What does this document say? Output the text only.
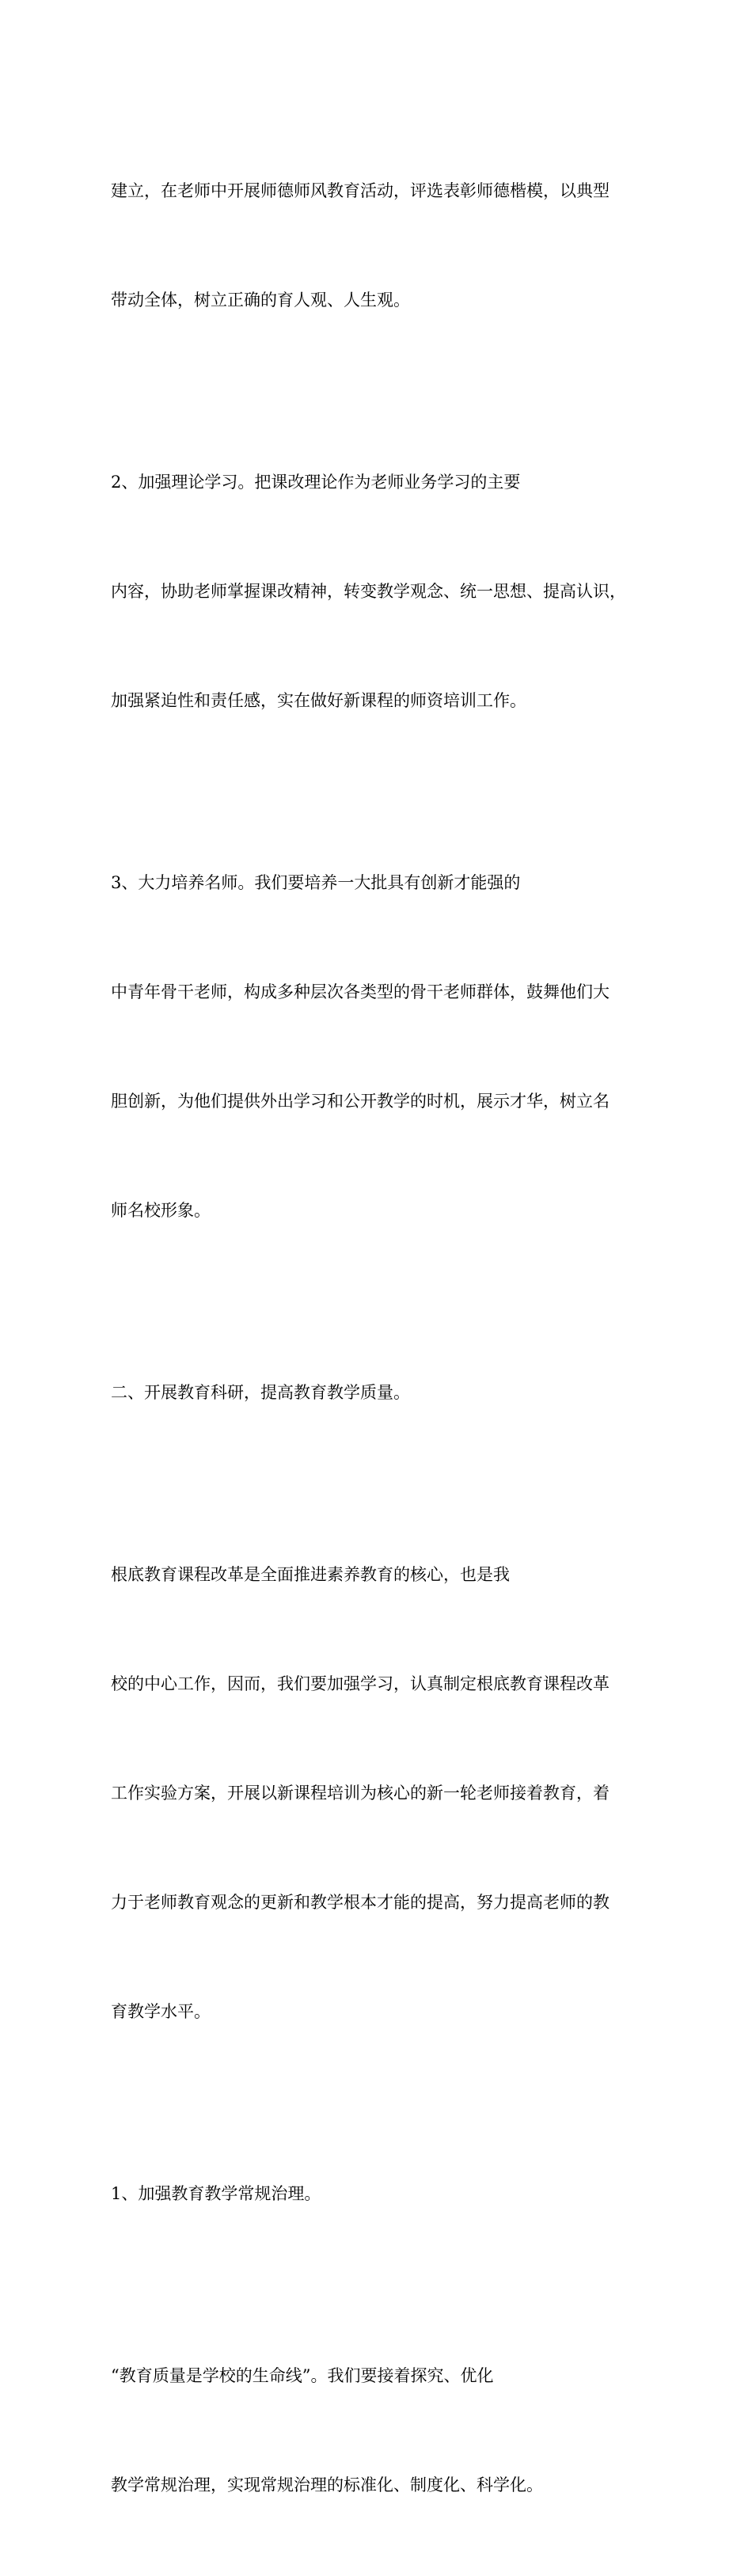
建立，在老师中开展师德师风教育活动，评选表彰师德楷模，以典型

带动全体，树立正确的育人观、人生观。

2、加强理论学习。把课改理论作为老师业务学习的主要

内容，协助老师掌握课改精神，转变教学观念、统一思想、提高认识，

加强紧迫性和责任感，实在做好新课程的师资培训工作。

3、大力培养名师。我们要培养一大批具有创新才能强的

中青年骨干老师，构成多种层次各类型的骨干老师群体，鼓舞他们大

胆创新，为他们提供外出学习和公开教学的时机，展示才华，树立名

师名校形象。

二、开展教育科研，提高教育教学质量。

根底教育课程改革是全面推进素养教育的核心，也是我

校的中心工作，因而，我们要加强学习，认真制定根底教育课程改革

工作实验方案，开展以新课程培训为核心的新一轮老师接着教育，着

力于老师教育观念的更新和教学根本才能的提高，努力提高老师的教

育教学水平。

1、加强教育教学常规治理。

“教育质量是学校的生命线”。我们要接着探究、优化

教学常规治理，实现常规治理的标准化、制度化、科学化。
